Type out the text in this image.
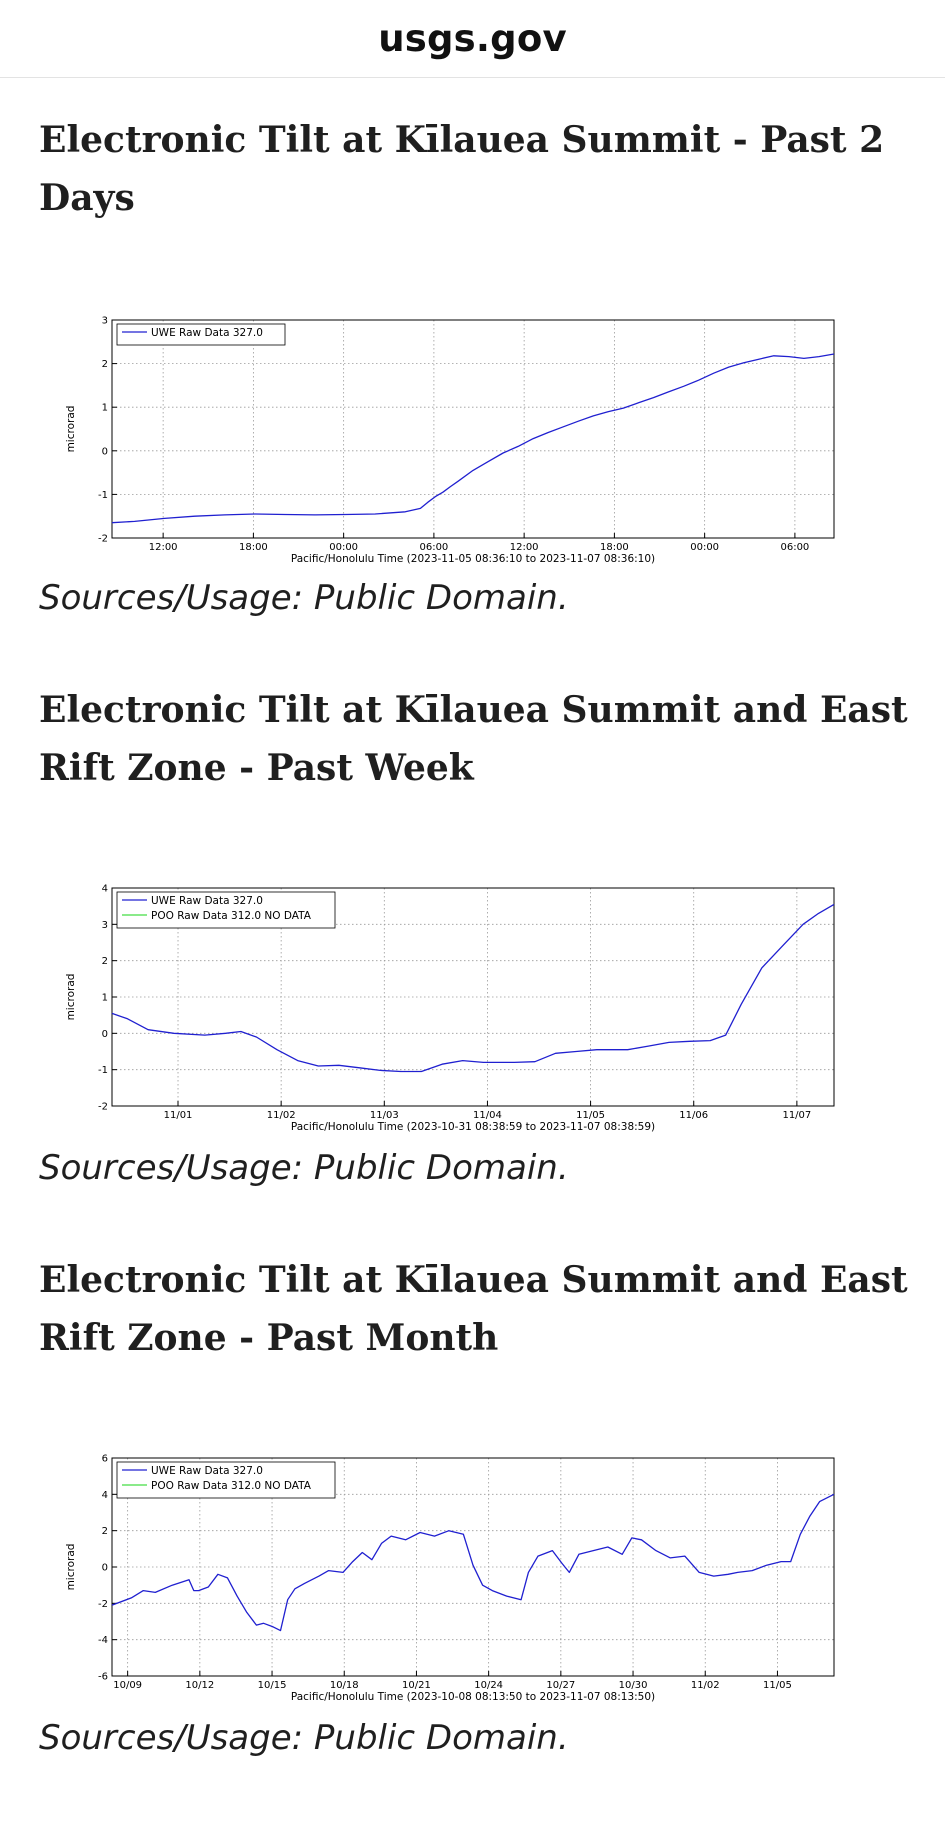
usgs.gov
Electronic Tilt at Kīlauea Summit - Past 2 Days
-2
-1
0
1
2
3
12:00	18:00	00:00	06:00	12:00	18:00	00:00	06:00
UWE Raw Data 327.0
microrad
Pacific/Honolulu Time (2023-11-05 08:36:10 to 2023-11-07 08:36:10)

Sources/Usage: Public Domain.

Electronic Tilt at Kīlauea Summit and East Rift Zone - Past Week
-2
-1
0
1
2
3
4
11/01	11/02	11/03	11/04	11/05	11/06	11/07
UWE Raw Data 327.0
POO Raw Data 312.0 NO DATA
microrad
Pacific/Honolulu Time (2023-10-31 08:38:59 to 2023-11-07 08:38:59)

Sources/Usage: Public Domain.

Electronic Tilt at Kīlauea Summit and East Rift Zone - Past Month
-6
-4
-2
0
2
4
6
10/09	10/12	10/15	10/18	10/21	10/24	10/27	10/30	11/02	11/05
UWE Raw Data 327.0
POO Raw Data 312.0 NO DATA
microrad
Pacific/Honolulu Time (2023-10-08 08:13:50 to 2023-11-07 08:13:50)

Sources/Usage: Public Domain.
